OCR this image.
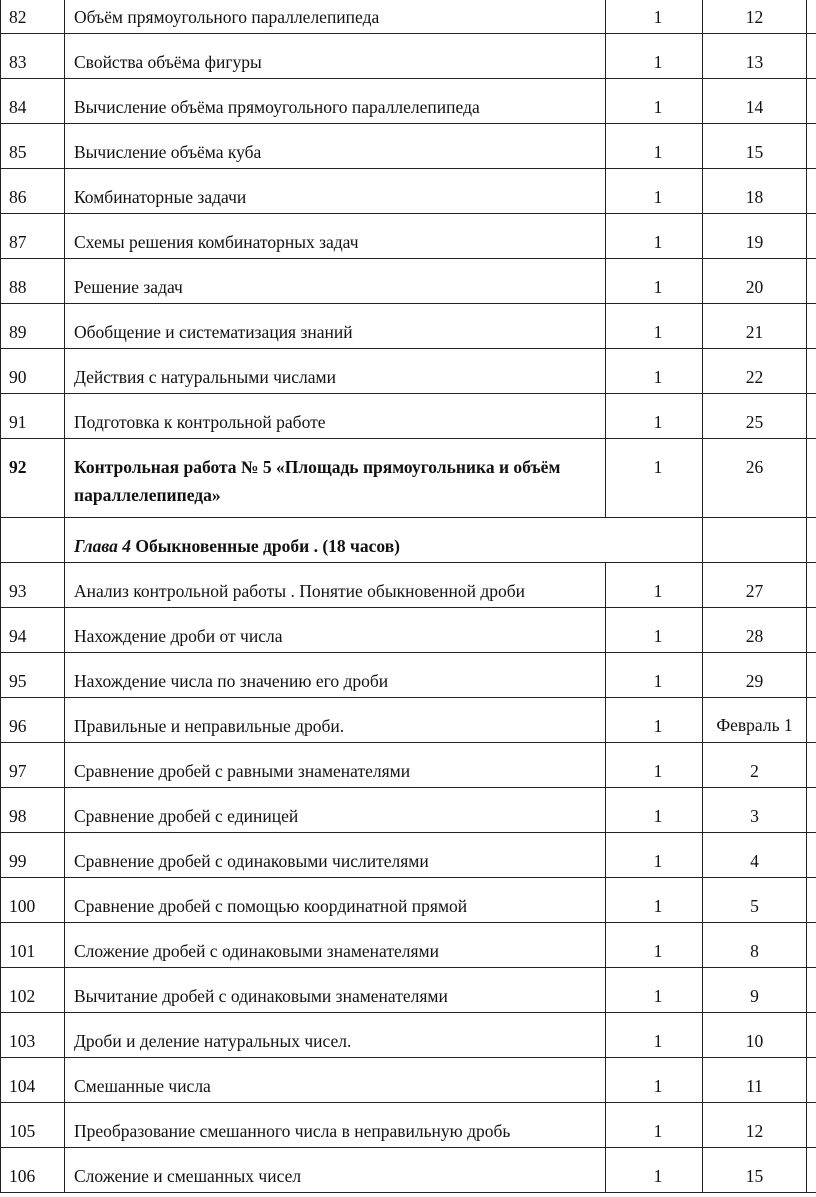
82	Объём прямоугольного параллелепипеда	1	12	
83	Свойства объёма фигуры	1	13	
84	Вычисление объёма прямоугольного параллелепипеда	1	14	
85	Вычисление объёма куба	1	15	
86	Комбинаторные задачи	1	18	
87	Схемы решения комбинаторных задач	1	19	
88	Решение задач	1	20	
89	Обобщение и систематизация знаний	1	21	
90	Действия с натуральными числами	1	22	
91	Подготовка к контрольной работе	1	25	
92	Контрольная работа № 5 «Площадь прямоугольника и объём параллелепипеда»	1	26	
	Глава 4 Обыкновенные дроби . (18 часов)			
93	Анализ контрольной работы . Понятие обыкновенной дроби	1	27	
94	Нахождение дроби от числа	1	28	
95	Нахождение числа по значению его дроби	1	29	
96	Правильные и неправильные дроби.	1	Февраль 1	
97	Сравнение дробей с равными знаменателями	1	2	
98	Сравнение дробей с единицей	1	3	
99	Сравнение дробей с одинаковыми числителями	1	4	
100	Сравнение дробей с помощью координатной прямой	1	5	
101	Сложение дробей с одинаковыми знаменателями	1	8	
102	Вычитание дробей с одинаковыми знаменателями	1	9	
103	Дроби и деление натуральных чисел.	1	10	
104	Смешанные числа	1	11	
105	Преобразование смешанного числа в неправильную дробь	1	12	
106	Сложение и смешанных чисел	1	15	
